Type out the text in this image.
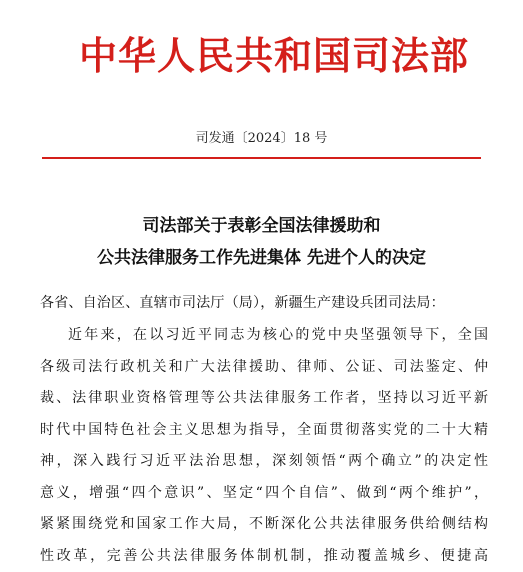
中华人民共和国司法部
司发通〔2024〕18 号
司法部关于表彰全国法律援助和
公共法律服务工作先进集体 先进个人的决定
各省、自治区、直辖市司法厅（局），新疆生产建设兵团司法局：
近年来，在以习近平同志为核心的党中央坚强领导下，全国
各级司法行政机关和广大法律援助、律师、公证、司法鉴定、仲
裁、法律职业资格管理等公共法律服务工作者，坚持以习近平新
时代中国特色社会主义思想为指导，全面贯彻落实党的二十大精
神，深入践行习近平法治思想，深刻领悟“两个确立”的决定性
意义，增强“四个意识”、坚定“四个自信”、做到“两个维护”，
紧紧围绕党和国家工作大局，不断深化公共法律服务供给侧结构
性改革，完善公共法律服务体制机制，推动覆盖城乡、便捷高
